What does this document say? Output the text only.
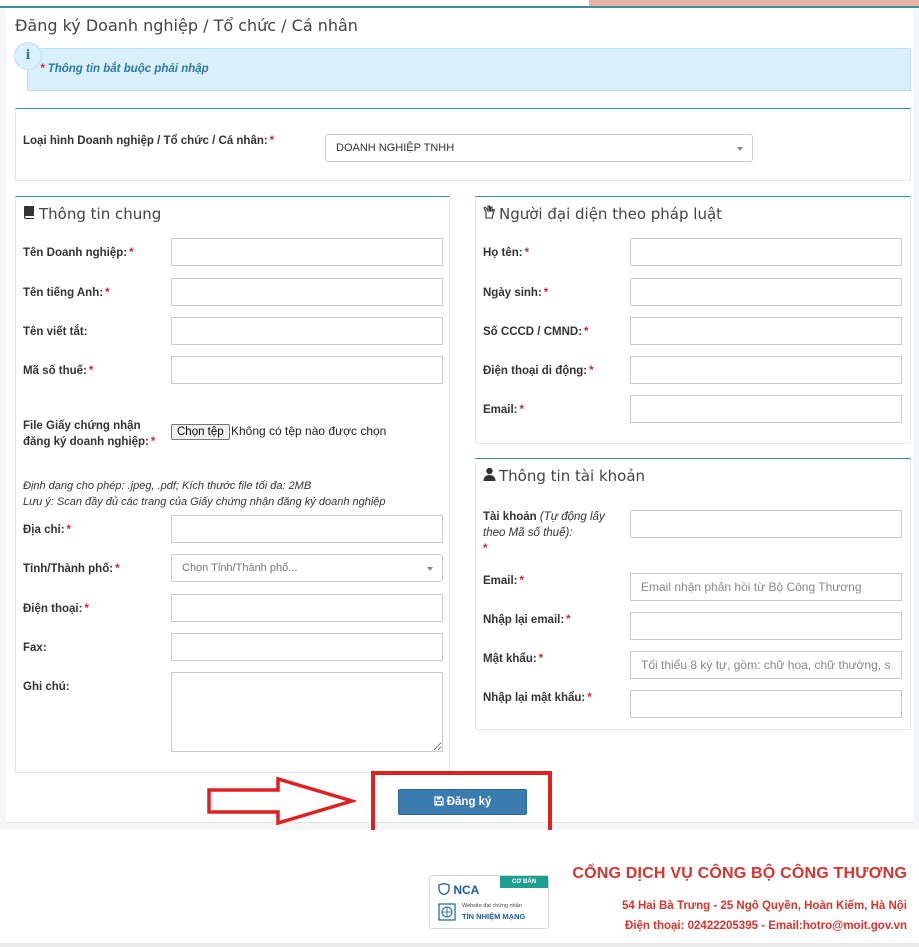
Đăng ký Doanh nghiệp / Tổ chức / Cá nhân
* Thông tin bắt buộc phải nhập
i
Loại hình Doanh nghiệp / Tổ chức / Cá nhân: *
DOANH NGHIỆP TNHH
Thông tin chung
Tên Doanh nghiệp: *
Tên tiếng Anh: *
Tên viết tắt:
Mã số thuế: *
File Giấy chứng nhận đăng ký doanh nghiệp: *
Chọn tệp Không có tệp nào được chọn
Định dạng cho phép: .jpeg, .pdf; Kích thước file tối đa: 2MB
Lưu ý: Scan đầy đủ các trang của Giấy chứng nhận đăng ký doanh nghiệp
Địa chỉ: *
Tỉnh/Thành phố: *	Chọn Tỉnh/Thành phố...
Điện thoại: *
Fax:
Ghi chú:
Người đại diện theo pháp luật
Họ tên: *
Ngày sinh: *
Số CCCD / CMND: *
Điện thoại di động: *
Email: *
Thông tin tài khoản
Tài khoản (Tự động lấy theo Mã số thuế):
*
Email: *
Email nhận phản hồi từ Bộ Công Thương
Nhập lại email: *
Mật khẩu: *
Nhập lại mật khẩu: *
Đăng ký
CƠ BẢN
NCA
Website đạt chứng nhận
TÍN NHIỆM MẠNG
CỔNG DỊCH VỤ CÔNG BỘ CÔNG THƯƠNG
54 Hai Bà Trưng - 25 Ngô Quyền, Hoàn Kiếm, Hà Nội
Điện thoại: 02422205395 - Email:hotro@moit.gov.vn
